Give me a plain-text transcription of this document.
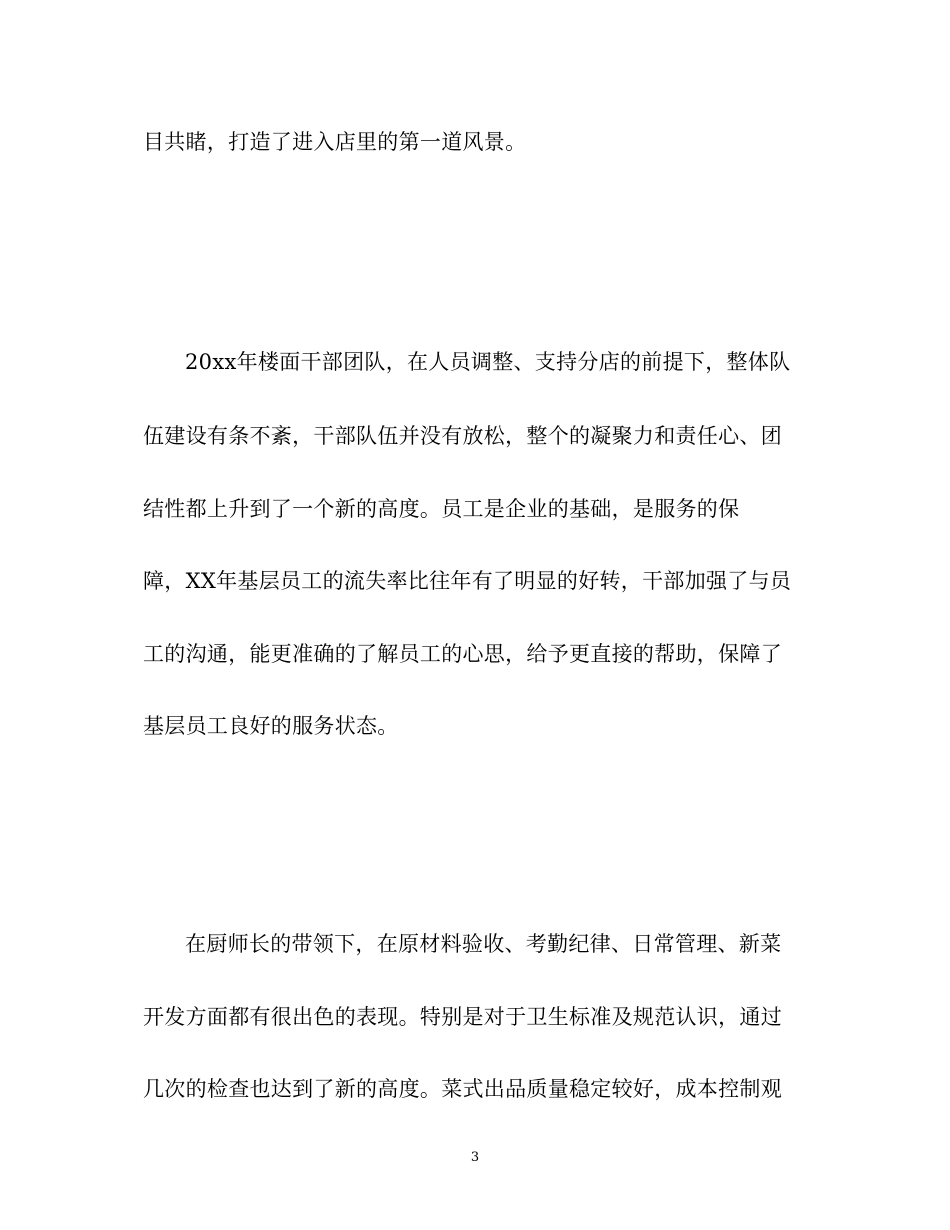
目共睹，打造了进入店里的第一道风景。
20xx年楼面干部团队，在人员调整、支持分店的前提下，整体队
伍建设有条不紊，干部队伍并没有放松，整个的凝聚力和责任心、团
结性都上升到了一个新的高度。员工是企业的基础，是服务的保
障，XX年基层员工的流失率比往年有了明显的好转，干部加强了与员
工的沟通，能更准确的了解员工的心思，给予更直接的帮助，保障了
基层员工良好的服务状态。
在厨师长的带领下，在原材料验收、考勤纪律、日常管理、新菜
开发方面都有很出色的表现。特别是对于卫生标准及规范认识，通过
几次的检查也达到了新的高度。菜式出品质量稳定较好，成本控制观
3
